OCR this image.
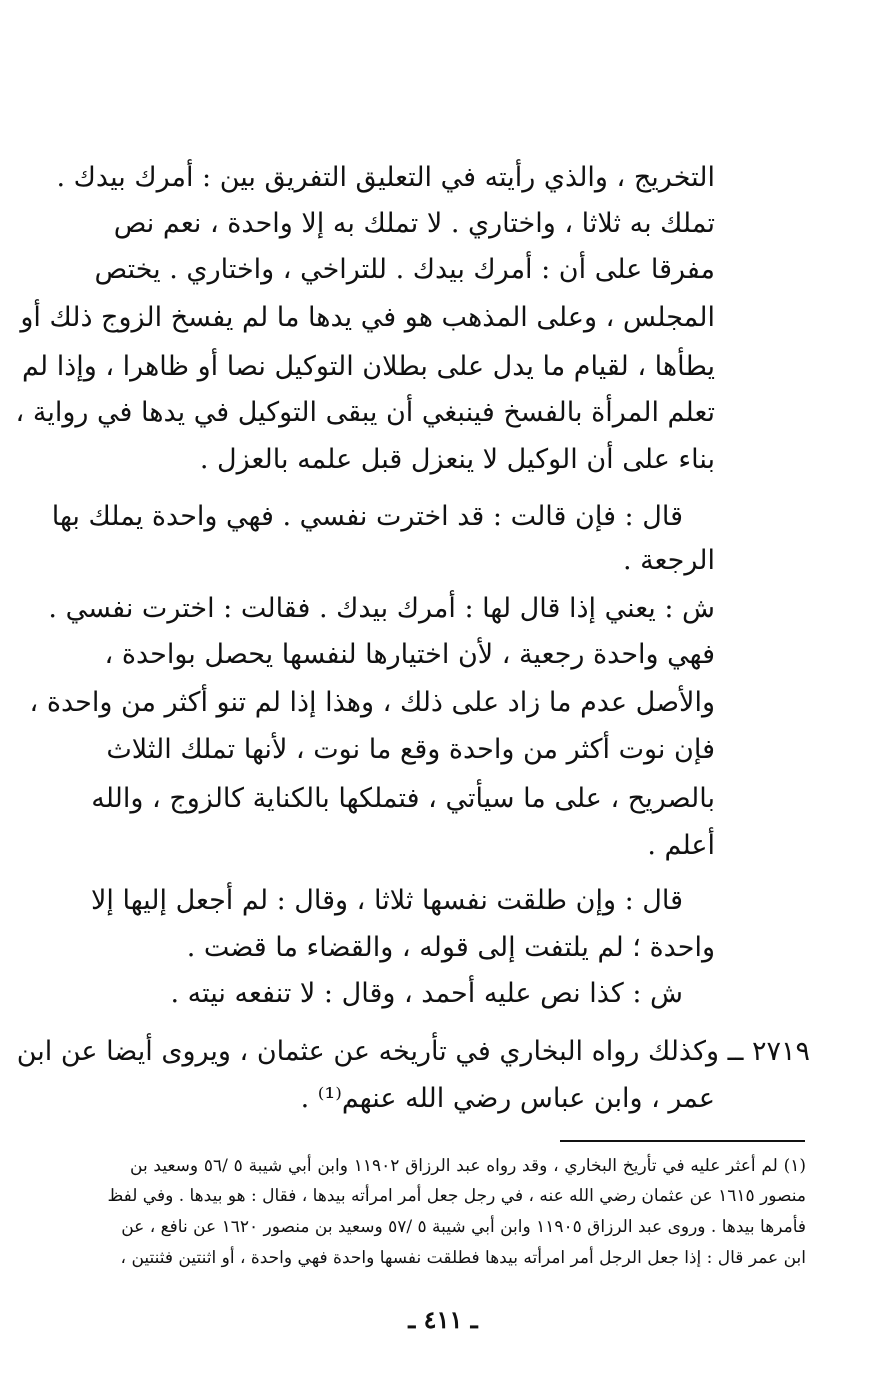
التخريج ، والذي رأيته في التعليق التفريق بين : أمرك بيدك .
تملك به ثلاثا ، واختاري . لا تملك به إلا واحدة ، نعم نص
مفرقا على أن : أمرك بيدك . للتراخي ، واختاري . يختص
المجلس ، وعلى المذهب هو في يدها ما لم يفسخ الزوج ذلك أو
يطأها ، لقيام ما يدل على بطلان التوكيل نصا أو ظاهرا ، وإذا لم
تعلم المرأة بالفسخ فينبغي أن يبقى التوكيل في يدها في رواية ،
بناء على أن الوكيل لا ينعزل قبل علمه بالعزل .
قال : فإن قالت : قد اخترت نفسي . فهي واحدة يملك بها
الرجعة .
ش : يعني إذا قال لها : أمرك بيدك . فقالت : اخترت نفسي .
فهي واحدة رجعية ، لأن اختيارها لنفسها يحصل بواحدة ،
والأصل عدم ما زاد على ذلك ، وهذا إذا لم تنو أكثر من واحدة ،
فإن نوت أكثر من واحدة وقع ما نوت ، لأنها تملك الثلاث
بالصريح ، على ما سيأتي ، فتملكها بالكناية كالزوج ، والله
أعلم .
قال : وإن طلقت نفسها ثلاثا ، وقال : لم أجعل إليها إلا
واحدة ؛ لم يلتفت إلى قوله ، والقضاء ما قضت .
ش : كذا نص عليه أحمد ، وقال : لا تنفعه نيته .
٢٧١٩ ــ وكذلك رواه البخاري في تأريخه عن عثمان ، ويروى أيضا عن ابن
عمر ، وابن عباس رضي الله عنهم⁽¹⁾ .
(١) لم أعثر عليه في تأريخ البخاري ، وقد رواه عبد الرزاق ١١٩٠٢ وابن أبي شيبة ٥ /٥٦ وسعيد بن
منصور ١٦١٥ عن عثمان رضي الله عنه ، في رجل جعل أمر امرأته بيدها ، فقال : هو بيدها . وفي لفظ
فأمرها بيدها . وروى عبد الرزاق ١١٩٠٥ وابن أبي شيبة ٥ /٥٧ وسعيد بن منصور ١٦٢٠ عن نافع ، عن
ابن عمر قال : إذا جعل الرجل أمر امرأته بيدها فطلقت نفسها واحدة فهي واحدة ، أو اثنتين فثنتين ،
ـ ٤١١ ـ
